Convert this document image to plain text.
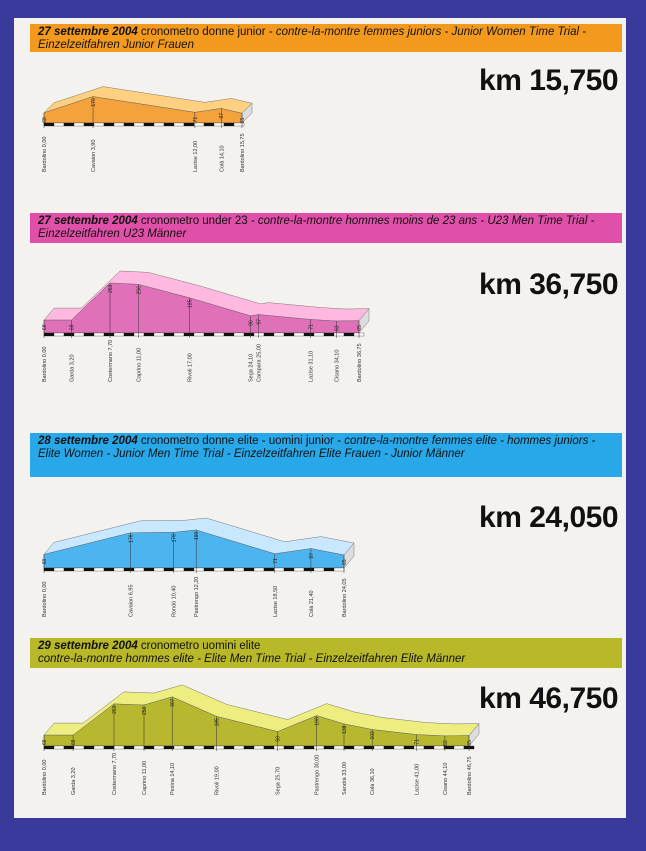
27 settembre 2004 cronometro donne junior - contre-la-montre femmes juniors - Junior Women Time Trial - Einzelzeitfahren Junior Frauen
km 15,750
68
Bardolino 0,00
176
Cavaion 3,90
71
Lazise 12,00
97
Colà 14,10
65
Bardolino 15,75
27 settembre 2004 cronometro under 23 - contre-la-montre hommes moins de 23 ans - U23 Men Time Trial - Einzelzeitfahren U23 Männer
km 36,750
68
Bardolino 0,00
68
Garda 3,20
263
Costermano 7,70
256
Caprino 11,00
185
Rivoli 17,00
90
Sega 24,10
97
Campara 25,00
71
Lazise 31,10
63
Cisano 34,10
65
Bardolino 36,75
28 settembre 2004 cronometro donne elite - uomini junior - contre-la-montre femmes elite - hommes juniors - Elite Women - Junior Men Time Trial - Einzelzeitfahren Elite Frauen - Junior Männer
km 24,050
68
Bardolino 0,00
176
Cavaion 6,95
178
Rondò 10,40
190
Pastrengo 12,20
71
Lazise 18,50
97
Colà 21,40
65
Bardolino 24,05
29 settembre 2004 cronometro uomini elite
contre-la-montre hommes elite - Elite Men Time Trial - Einzelzeitfahren Elite Männer
km 46,750
68
Bardolino 0,00
68
Garda 3,20
263
Costermano 7,70
256
Caprino 11,00
307
Pesina 14,10
185
Rivoli 19,00
90
Sega 25,70
190
Pastrengo 30,00
138
Sandrà 33,00
103
Colà 36,10
71
Lazise 41,00
63
Cisano 44,10
65
Bardolino 46,75
